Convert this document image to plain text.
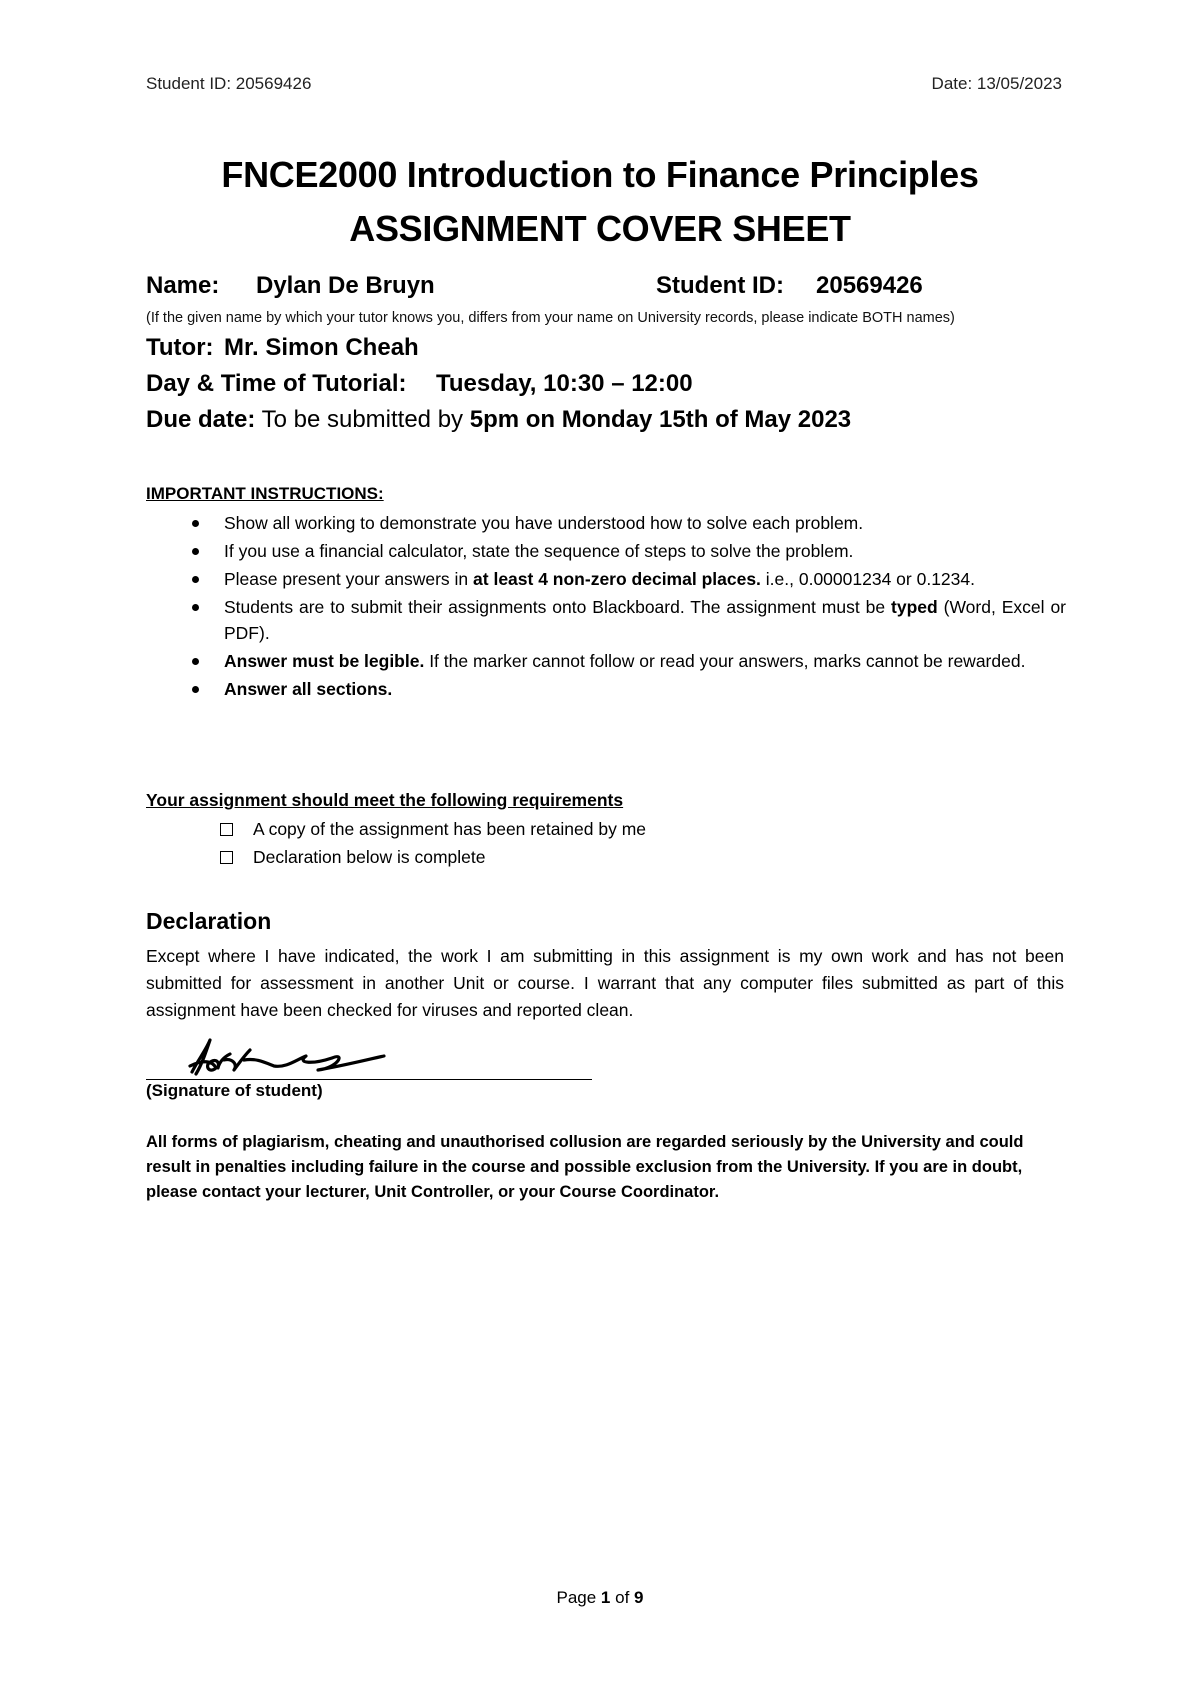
Student ID: 20569426	Date: 13/05/2023
FNCE2000 Introduction to Finance Principles
ASSIGNMENT COVER SHEET
Name:	Dylan De Bruyn	Student ID:	20569426
(If the given name by which your tutor knows you, differs from your name on University records, please indicate BOTH names)
Tutor: Mr. Simon Cheah
Day & Time of Tutorial: Tuesday, 10:30 – 12:00
Due date: To be submitted by 5pm on Monday 15th of May 2023
IMPORTANT INSTRUCTIONS:
Show all working to demonstrate you have understood how to solve each problem.
If you use a financial calculator, state the sequence of steps to solve the problem.
Please present your answers in at least 4 non-zero decimal places. i.e., 0.00001234 or 0.1234.
Students are to submit their assignments onto Blackboard. The assignment must be typed (Word, Excel or PDF).
Answer must be legible. If the marker cannot follow or read your answers, marks cannot be rewarded.
Answer all sections.
Your assignment should meet the following requirements
A copy of the assignment has been retained by me
Declaration below is complete
Declaration
Except where I have indicated, the work I am submitting in this assignment is my own work and has not been submitted for assessment in another Unit or course. I warrant that any computer files submitted as part of this assignment have been checked for viruses and reported clean.
(Signature of student)
All forms of plagiarism, cheating and unauthorised collusion are regarded seriously by the University and could result in penalties including failure in the course and possible exclusion from the University. If you are in doubt, please contact your lecturer, Unit Controller, or your Course Coordinator.
Page 1 of 9
